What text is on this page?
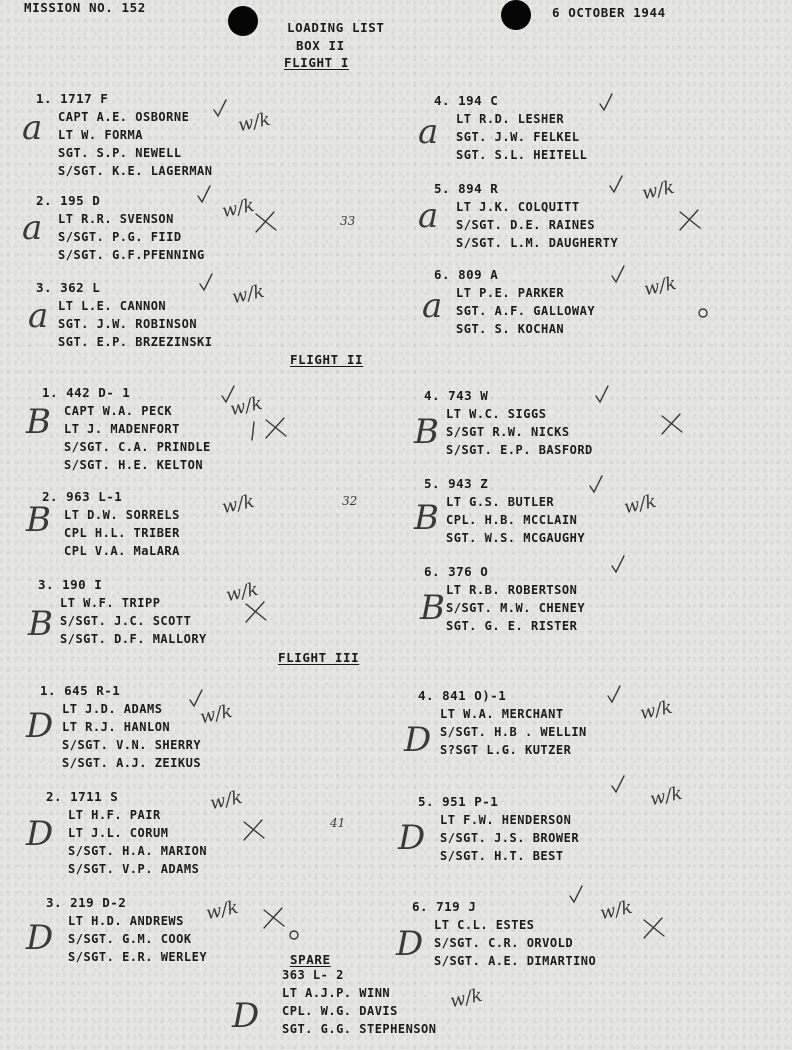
MISSION NO. 152	6 OCTOBER 1944
LOADING LIST
BOX II
FLIGHT I
FLIGHT II
FLIGHT III
1. 1717 F
CAPT A.E. OSBORNE
LT W. FORMA
SGT. S.P. NEWELL
S/SGT. K.E. LAGERMAN
2. 195 D
LT R.R. SVENSON
S/SGT. P.G. FIID
S/SGT. G.F.PFENNING
3. 362 L
LT L.E. CANNON
SGT. J.W. ROBINSON
SGT. E.P. BRZEZINSKI
4. 194 C
LT R.D. LESHER
SGT. J.W. FELKEL
SGT. S.L. HEITELL
5. 894 R
LT J.K. COLQUITT
S/SGT. D.E. RAINES
S/SGT. L.M. DAUGHERTY
6. 809 A
LT P.E. PARKER
SGT. A.F. GALLOWAY
SGT. S. KOCHAN
1. 442 D- 1
CAPT W.A. PECK
LT J. MADENFORT
S/SGT. C.A. PRINDLE
S/SGT. H.E. KELTON
2. 963 L-1
LT D.W. SORRELS
CPL H.L. TRIBER
CPL V.A. MaLARA
3. 190 I
LT W.F. TRIPP
S/SGT. J.C. SCOTT
S/SGT. D.F. MALLORY
4. 743 W
LT W.C. SIGGS
S/SGT R.W. NICKS
S/SGT. E.P. BASFORD
5. 943 Z
LT G.S. BUTLER
CPL. H.B. MCCLAIN
SGT. W.S. MCGAUGHY
6. 376 O
LT R.B. ROBERTSON
S/SGT. M.W. CHENEY
SGT. G. E. RISTER
1. 645 R-1
LT J.D. ADAMS
LT R.J. HANLON
S/SGT. V.N. SHERRY
S/SGT. A.J. ZEIKUS
2. 1711 S
LT H.F. PAIR
LT J.L. CORUM
S/SGT. H.A. MARION
S/SGT. V.P. ADAMS
3. 219 D-2
LT H.D. ANDREWS
S/SGT. G.M. COOK
S/SGT. E.R. WERLEY
4. 841 O)-1
LT W.A. MERCHANT
S/SGT. H.B . WELLIN
S?SGT L.G. KUTZER
5. 951 P-1
LT F.W. HENDERSON
S/SGT. J.S. BROWER
S/SGT. H.T. BEST
6. 719 J
LT C.L. ESTES
S/SGT. C.R. ORVOLD
S/SGT. A.E. DIMARTINO
SPARE
363 L- 2
LT A.J.P. WINN
CPL. W.G. DAVIS
SGT. G.G. STEPHENSON
a
a
a
a
a
a
B
B
B
B
B
B
D
D
D
D
D
D
D
w/k
w/k
w/k
w/k
w/k
w/k
w/k
w/k
w/k
w/k
w/k
w/k
w/k
w/k
w/k
w/k
33
32
41
